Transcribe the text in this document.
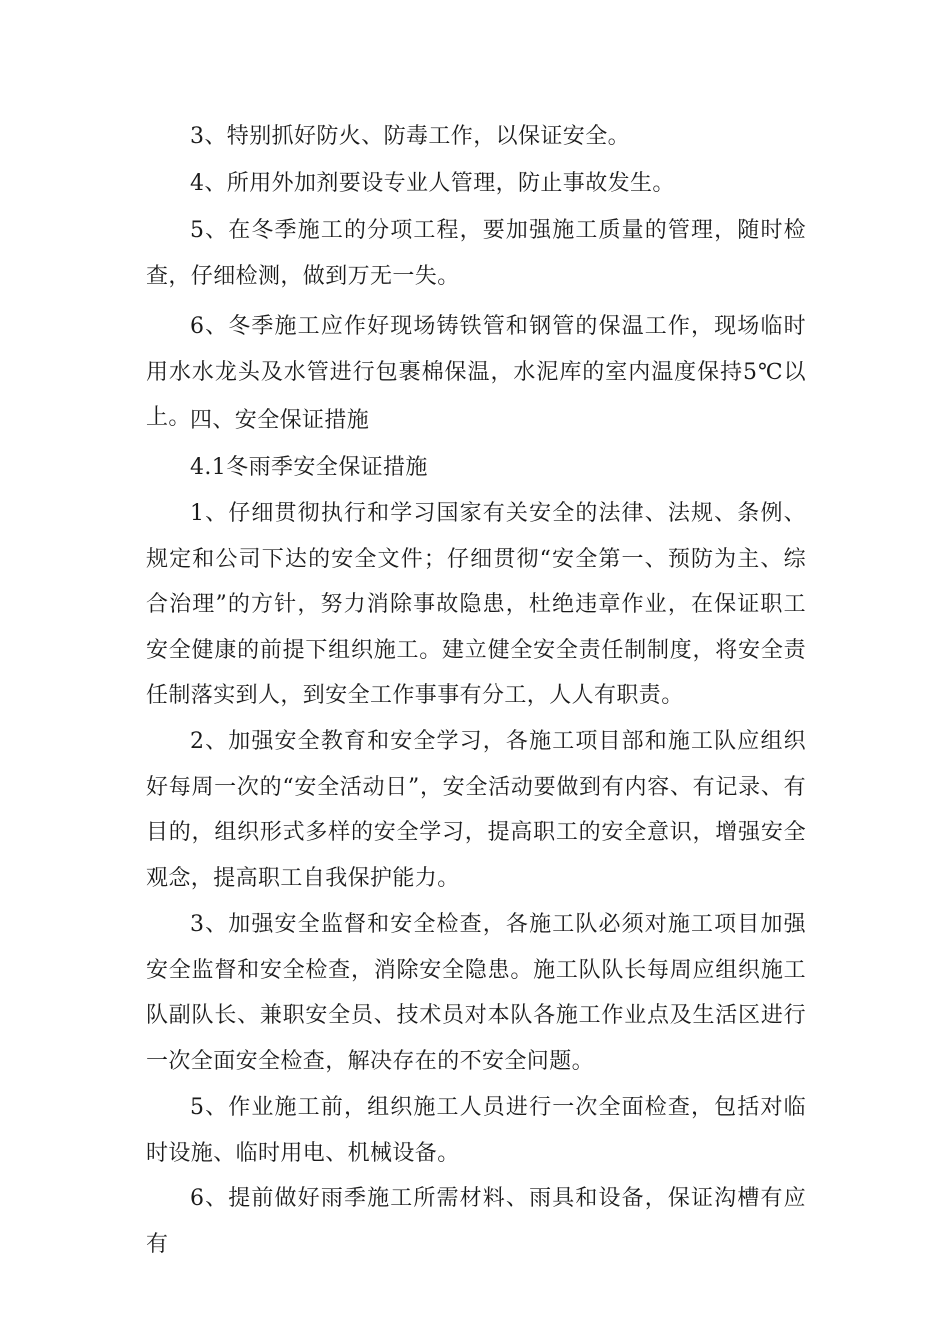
3、特别抓好防火、防毒工作，以保证安全。

4、所用外加剂要设专业人管理，防止事故发生。

5、在冬季施工的分项工程，要加强施工质量的管理，随时检查，仔细检测，做到万无一失。

6、冬季施工应作好现场铸铁管和钢管的保温工作，现场临时用水水龙头及水管进行包裹棉保温，水泥库的室内温度保持5℃以上。 四、安全保证措施

4.1冬雨季安全保证措施

1、仔细贯彻执行和学习国家有关安全的法律、法规、条例、规定和公司下达的安全文件；仔细贯彻“安全第一、预防为主、综合治理”的方针，努力消除事故隐患，杜绝违章作业，在保证职工安全健康的前提下组织施工。建立健全安全责任制制度，将安全责任制落实到人，到安全工作事事有分工，人人有职责。

2、加强安全教育和安全学习，各施工项目部和施工队应组织好每周一次的“安全活动日”，安全活动要做到有内容、有记录、有目的，组织形式多样的安全学习，提高职工的安全意识，增强安全观念，提高职工自我保护能力。

3、加强安全监督和安全检查，各施工队必须对施工项目加强安全监督和安全检查，消除安全隐患。施工队队长每周应组织施工队副队长、兼职安全员、技术员对本队各施工作业点及生活区进行一次全面安全检查，解决存在的不安全问题。

5、作业施工前，组织施工人员进行一次全面检查，包括对临时设施、临时用电、机械设备。

6、提前做好雨季施工所需材料、雨具和设备，保证沟槽有应有
